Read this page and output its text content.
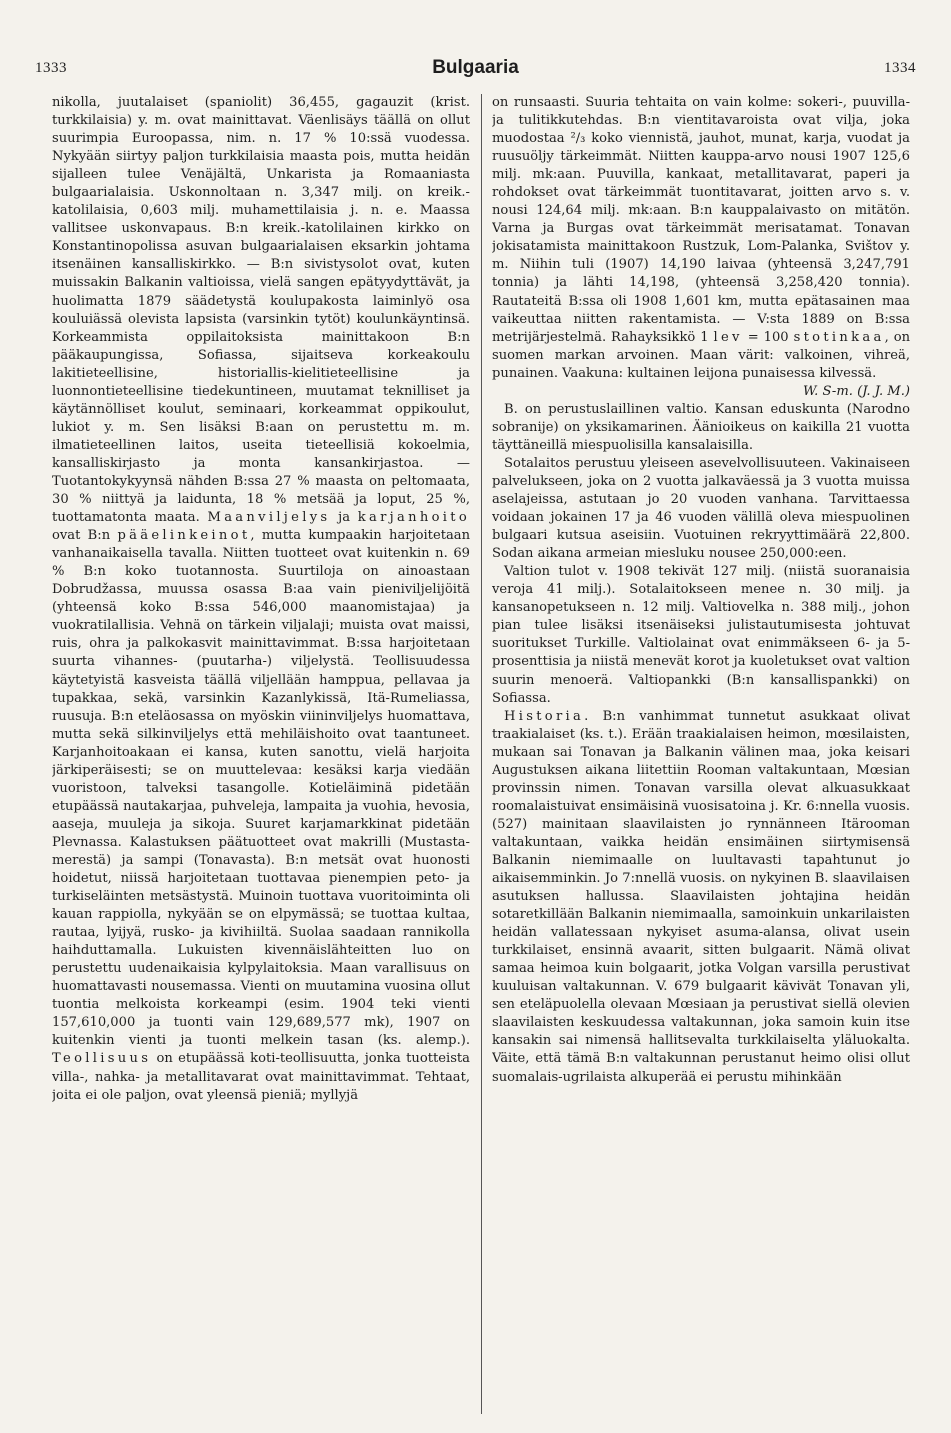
1333	Bulgaaria	1334

nikolla, juutalaiset (spaniolit) 36,455, gagauzit (krist. turkkilaisia) y. m. ovat mainittavat. Väenlisäys täällä on ollut suurimpia Euroopassa, nim. n. 17 % 10:ssä vuodessa. Nykyään siirtyy paljon turkkilaisia maasta pois, mutta heidän sijalleen tulee Venäjältä, Unkarista ja Romaaniasta bulgaarialaisia. Uskonnoltaan n. 3,347 milj. on kreik.-katolilaisia, 0,603 milj. muhamettilaisia j. n. e. Maassa vallitsee uskonvapaus. B:n kreik.-katolilainen kirkko on Konstantinopolissa asuvan bulgaarialaisen eksarkin johtama itsenäinen kansalliskirkko. — B:n sivistysolot ovat, kuten muissakin Balkanin valtioissa, vielä sangen epätyydyttävät, ja huolimatta 1879 säädetystä koulupakosta laiminlyö osa kouluiässä olevista lapsista (varsinkin tytöt) koulunkäyntinsä. Korkeammista oppilaitoksista mainittakoon B:n pääkaupungissa, Sofiassa, sijaitseva korkeakoulu lakitieteellisine, historiallis-kielitieteellisine ja luonnontieteellisine tiedekuntineen, muutamat teknilliset ja käytännölliset koulut, seminaari, korkeammat oppikoulut, lukiot y. m. Sen lisäksi B:aan on perustettu m. m. ilmatieteellinen laitos, useita tieteellisiä kokoelmia, kansalliskirjasto ja monta kansankirjastoa. — Tuotantokykyynsä nähden B:ssa 27 % maasta on peltomaata, 30 % niittyä ja laidunta, 18 % metsää ja loput, 25 %, tuottamatonta maata. Maanviljelys ja karjanhoito ovat B:n pääelinkeinot, mutta kumpaakin harjoitetaan vanhanaikaisella tavalla. Niitten tuotteet ovat kuitenkin n. 69 % B:n koko tuotannosta. Suurtiloja on ainoastaan Dobrudžassa, muussa osassa B:aa vain pieniviljelijöitä (yhteensä koko B:ssa 546,000 maanomistajaa) ja vuokratilallisia. Vehnä on tärkein viljalaji; muista ovat maissi, ruis, ohra ja palkokasvit mainittavimmat. B:ssa harjoitetaan suurta vihannes- (puutarha-) viljelystä. Teollisuudessa käytetyistä kasveista täällä viljellään hamppua, pellavaa ja tupakkaa, sekä, varsinkin Kazanlykissä, Itä-Rumeliassa, ruusuja. B:n eteläosassa on myöskin viininviljelys huomattava, mutta sekä silkinviljelys että mehiläishoito ovat taantuneet. Karjanhoitoakaan ei kansa, kuten sanottu, vielä harjoita järkiperäisesti; se on muuttelevaa: kesäksi karja viedään vuoristoon, talveksi tasangolle. Kotieläiminä pidetään etupäässä nautakarjaa, puhveleja, lampaita ja vuohia, hevosia, aaseja, muuleja ja sikoja. Suuret karjamarkkinat pidetään Plevnassa. Kalastuksen päätuotteet ovat makrilli (Mustasta-merestä) ja sampi (Tonavasta). B:n metsät ovat huonosti hoidetut, niissä harjoitetaan tuottavaa pienempien peto- ja turkiseläinten metsästystä. Muinoin tuottava vuoritoiminta oli kauan rappiolla, nykyään se on elpymässä; se tuottaa kultaa, rautaa, lyijyä, rusko- ja kivihiiltä. Suolaa saadaan rannikolla haihduttamalla. Lukuisten kivennäislähteitten luo on perustettu uudenaikaisia kylpylaitoksia. Maan varallisuus on huomattavasti nousemassa. Vienti on muutamina vuosina ollut tuontia melkoista korkeampi (esim. 1904 teki vienti 157,610,000 ja tuonti vain 129,689,577 mk), 1907 on kuitenkin vienti ja tuonti melkein tasan (ks. alemp.). Teollisuus on etupäässä koti-teollisuutta, jonka tuotteista villa-, nahka- ja metallitavarat ovat mainittavimmat. Tehtaat, joita ei ole paljon, ovat yleensä pieniä; myllyjä

on runsaasti. Suuria tehtaita on vain kolme: sokeri-, puuvilla- ja tulitikkutehdas. B:n vientitavaroista ovat vilja, joka muodostaa ²/₃ koko viennistä, jauhot, munat, karja, vuodat ja ruusuöljy tärkeimmät. Niitten kauppa-arvo nousi 1907 125,6 milj. mk:aan. Puuvilla, kankaat, metallitavarat, paperi ja rohdokset ovat tärkeimmät tuontitavarat, joitten arvo s. v. nousi 124,64 milj. mk:aan. B:n kauppalaivasto on mitätön. Varna ja Burgas ovat tärkeimmät merisatamat. Tonavan jokisatamista mainittakoon Rustzuk, Lom-Palanka, Svištov y. m. Niihin tuli (1907) 14,190 laivaa (yhteensä 3,247,791 tonnia) ja lähti 14,198, (yhteensä 3,258,420 tonnia). Rautateitä B:ssa oli 1908 1,601 km, mutta epätasainen maa vaikeuttaa niitten rakentamista. — V:sta 1889 on B:ssa metrijärjestelmä. Rahayksikkö 1 lev = 100 stotinkaa, on suomen markan arvoinen. Maan värit: valkoinen, vihreä, punainen. Vaakuna: kultainen leijona punaisessa kilvessä.

W. S-m. (J. J. M.)

B. on perustuslaillinen valtio. Kansan eduskunta (Narodno sobranije) on yksikamarinen. Äänioikeus on kaikilla 21 vuotta täyttäneillä miespuolisilla kansalaisilla.

Sotalaitos perustuu yleiseen asevelvollisuuteen. Vakinaiseen palvelukseen, joka on 2 vuotta jalkaväessä ja 3 vuotta muissa aselajeissa, astutaan jo 20 vuoden vanhana. Tarvittaessa voidaan jokainen 17 ja 46 vuoden välillä oleva miespuolinen bulgaari kutsua aseisiin. Vuotuinen rekryyttimäärä 22,800. Sodan aikana armeian miesluku nousee 250,000:een.

Valtion tulot v. 1908 tekivät 127 milj. (niistä suoranaisia veroja 41 milj.). Sotalaitokseen menee n. 30 milj. ja kansanopetukseen n. 12 milj. Valtiovelka n. 388 milj., johon pian tulee lisäksi itsenäiseksi julistautumisesta johtuvat suoritukset Turkille. Valtiolainat ovat enimmäkseen 6- ja 5-prosenttisia ja niistä menevät korot ja kuoletukset ovat valtion suurin menoerä. Valtiopankki (B:n kansallispankki) on Sofiassa.

Historia. B:n vanhimmat tunnetut asukkaat olivat traakialaiset (ks. t.). Erään traakialaisen heimon, mœsilaisten, mukaan sai Tonavan ja Balkanin välinen maa, joka keisari Augustuksen aikana liitettiin Rooman valtakuntaan, Mœsian provinssin nimen. Tonavan varsilla olevat alkuasukkaat roomalaistuivat ensimäisinä vuosisatoina j. Kr. 6:nnella vuosis. (527) mainitaan slaavilaisten jo rynnänneen Itärooman valtakuntaan, vaikka heidän ensimäinen siirtymisensä Balkanin niemimaalle on luultavasti tapahtunut jo aikaisemminkin. Jo 7:nnellä vuosis. on nykyinen B. slaavilaisen asutuksen hallussa. Slaavilaisten johtajina heidän sotaretkillään Balkanin niemimaalla, samoinkuin unkarilaisten heidän vallatessaan nykyiset asuma-alansa, olivat usein turkkilaiset, ensinnä avaarit, sitten bulgaarit. Nämä olivat samaa heimoa kuin bolgaarit, jotka Volgan varsilla perustivat kuuluisan valtakunnan. V. 679 bulgaarit kävivät Tonavan yli, sen eteläpuolella olevaan Mœsiaan ja perustivat siellä olevien slaavilaisten keskuudessa valtakunnan, joka samoin kuin itse kansakin sai nimensä hallitsevalta turkkilaiselta yläluokalta. Väite, että tämä B:n valtakunnan perustanut heimo olisi ollut suomalais-ugrilaista alkuperää ei perustu mihinkään
